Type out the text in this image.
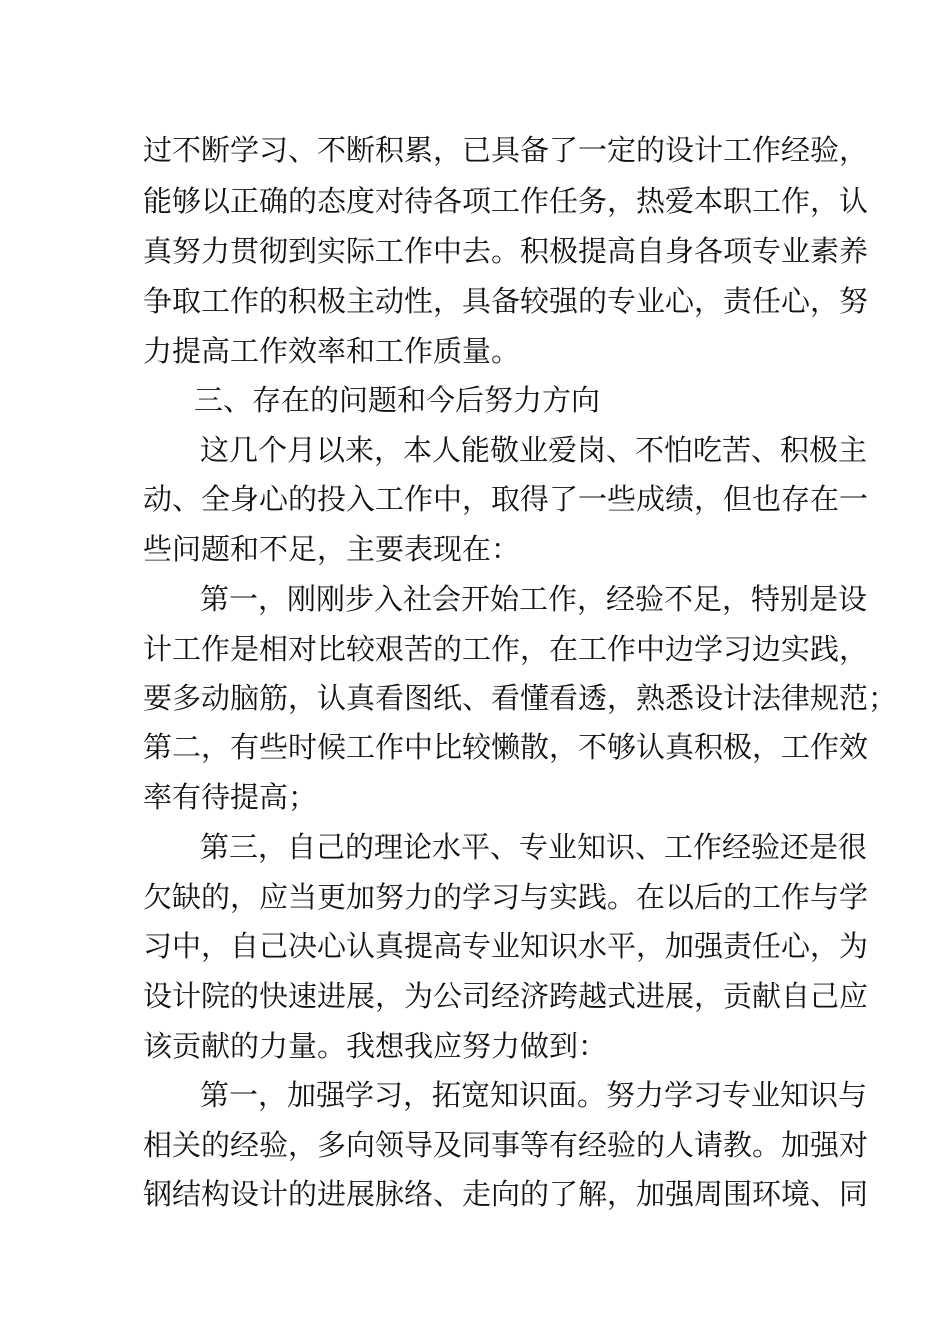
过不断学习、不断积累，已具备了一定的设计工作经验，
能够以正确的态度对待各项工作任务，热爱本职工作，认
真努力贯彻到实际工作中去。积极提高自身各项专业素养
争取工作的积极主动性，具备较强的专业心，责任心，努
力提高工作效率和工作质量。
三、存在的问题和今后努力方向
这几个月以来，本人能敬业爱岗、不怕吃苦、积极主
动、全身心的投入工作中，取得了一些成绩，但也存在一
些问题和不足，主要表现在：
第一，刚刚步入社会开始工作，经验不足，特别是设
计工作是相对比较艰苦的工作，在工作中边学习边实践，
要多动脑筋，认真看图纸、看懂看透，熟悉设计法律规范；
第二，有些时候工作中比较懒散，不够认真积极，工作效
率有待提高；
第三，自己的理论水平、专业知识、工作经验还是很
欠缺的，应当更加努力的学习与实践。在以后的工作与学
习中，自己决心认真提高专业知识水平，加强责任心，为
设计院的快速进展，为公司经济跨越式进展，贡献自己应
该贡献的力量。我想我应努力做到：
第一，加强学习，拓宽知识面。努力学习专业知识与
相关的经验，多向领导及同事等有经验的人请教。加强对
钢结构设计的进展脉络、走向的了解，加强周围环境、同
